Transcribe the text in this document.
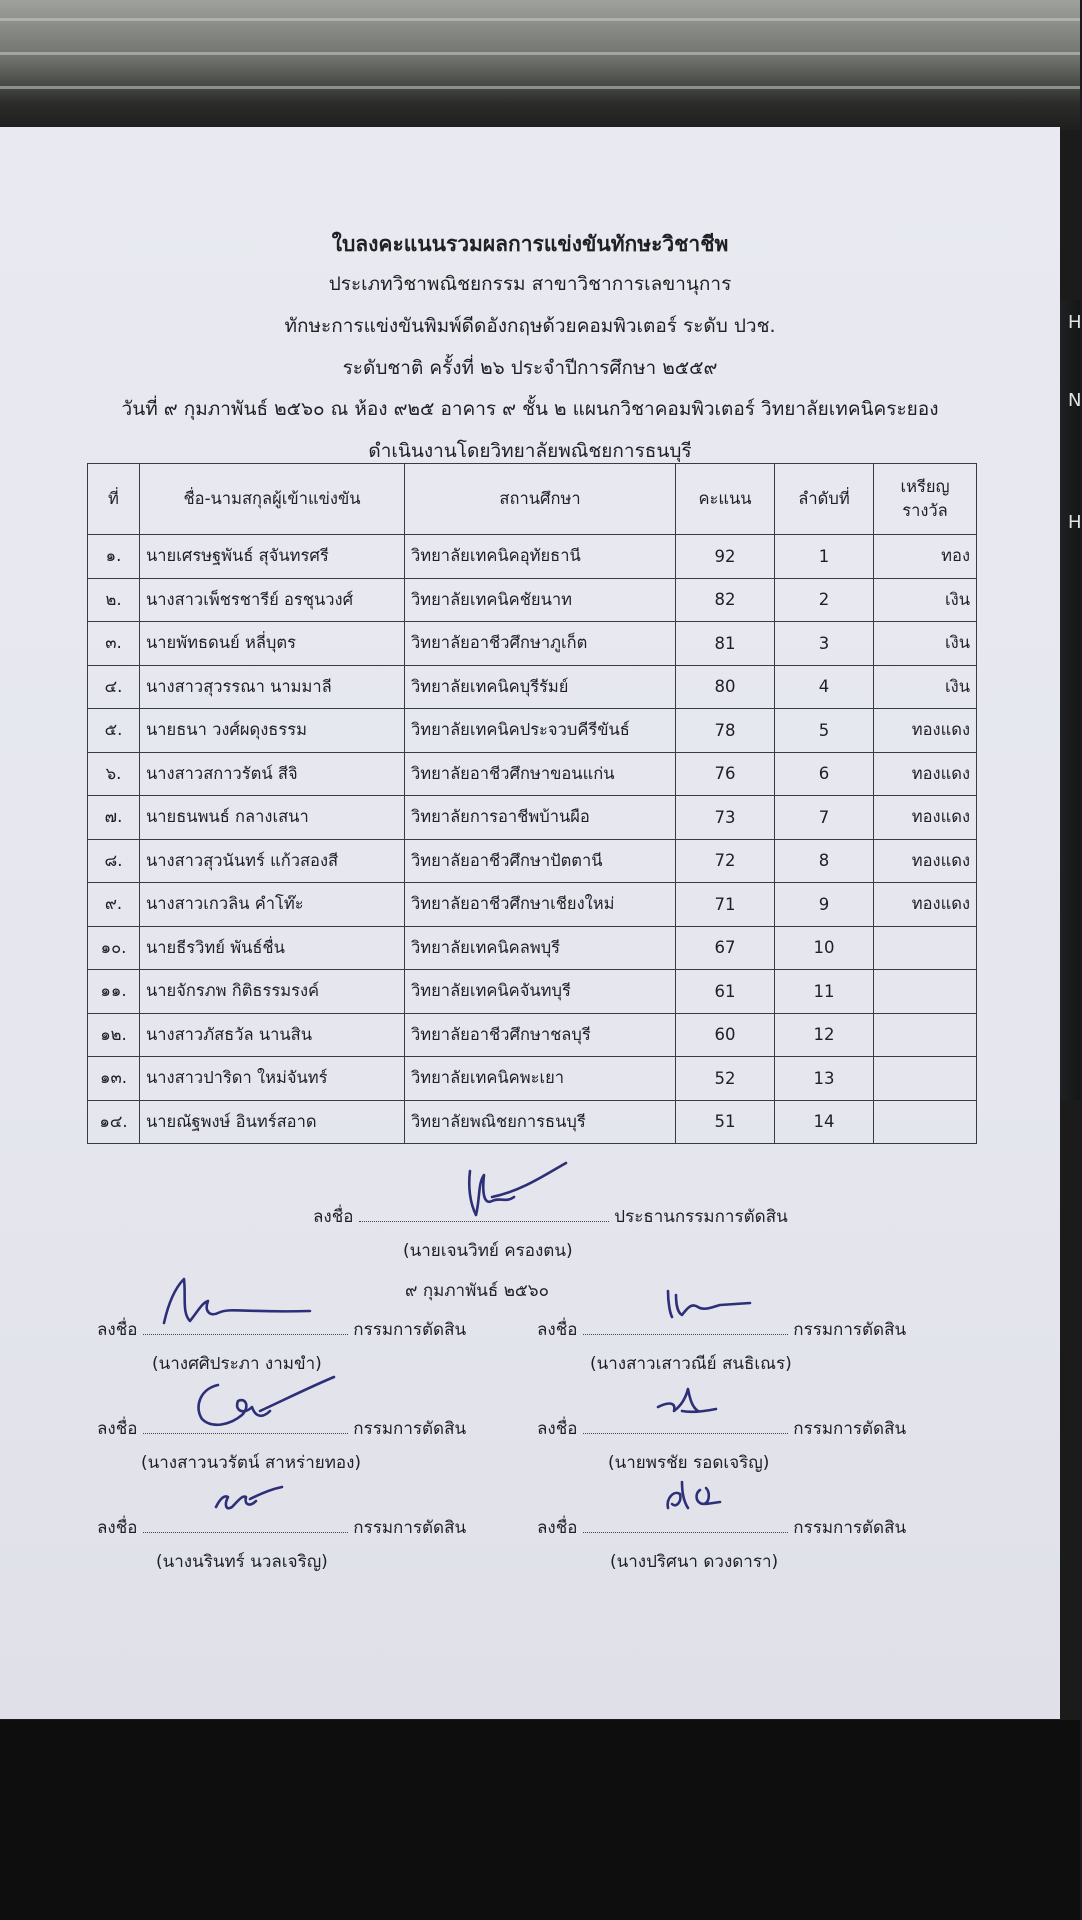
H
N
H
ใบลงคะแนนรวมผลการแข่งขันทักษะวิชาชีพ
ประเภทวิชาพณิชยกรรม สาขาวิชาการเลขานุการ
ทักษะการแข่งขันพิมพ์ดีดอังกฤษด้วยคอมพิวเตอร์ ระดับ ปวช.
ระดับชาติ ครั้งที่ ๒๖ ประจำปีการศึกษา ๒๕๕๙
วันที่ ๙ กุมภาพันธ์ ๒๕๖๐ ณ ห้อง ๙๒๕ อาคาร ๙ ชั้น ๒ แผนกวิชาคอมพิวเตอร์ วิทยาลัยเทคนิคระยอง
ดำเนินงานโดยวิทยาลัยพณิชยการธนบุรี
ที่	ชื่อ-นามสกุลผู้เข้าแข่งขัน	สถานศึกษา	คะแนน	ลำดับที่	เหรียญ
รางวัล
๑.	นายเศรษฐพันธ์ สุจันทรศรี	วิทยาลัยเทคนิคอุทัยธานี	92	1	ทอง
๒.	นางสาวเพ็ชรชารีย์ อรชุนวงศ์	วิทยาลัยเทคนิคชัยนาท	82	2	เงิน
๓.	นายพัทธดนย์ หลี่บุตร	วิทยาลัยอาชีวศึกษาภูเก็ต	81	3	เงิน
๔.	นางสาวสุวรรณา นามมาลี	วิทยาลัยเทคนิคบุรีรัมย์	80	4	เงิน
๕.	นายธนา วงศ์ผดุงธรรม	วิทยาลัยเทคนิคประจวบคีรีขันธ์	78	5	ทองแดง
๖.	นางสาวสกาวรัตน์ สีจิ	วิทยาลัยอาชีวศึกษาขอนแก่น	76	6	ทองแดง
๗.	นายธนพนธ์ กลางเสนา	วิทยาลัยการอาชีพบ้านผือ	73	7	ทองแดง
๘.	นางสาวสุวนันทร์ แก้วสองสี	วิทยาลัยอาชีวศึกษาปัตตานี	72	8	ทองแดง
๙.	นางสาวเกวลิน คำโท๊ะ	วิทยาลัยอาชีวศึกษาเชียงใหม่	71	9	ทองแดง
๑๐.	นายธีรวิทย์ พันธ์ชื่น	วิทยาลัยเทคนิคลพบุรี	67	10	
๑๑.	นายจักรภพ กิติธรรมรงค์	วิทยาลัยเทคนิคจันทบุรี	61	11	
๑๒.	นางสาวภัสธวัล นานสิน	วิทยาลัยอาชีวศึกษาชลบุรี	60	12	
๑๓.	นางสาวปาริดา ใหม่จันทร์	วิทยาลัยเทคนิคพะเยา	52	13	
๑๔.	นายณัฐพงษ์ อินทร์สอาด	วิทยาลัยพณิชยการธนบุรี	51	14	
ลงชื่อ	ประธานกรรมการตัดสิน
(นายเจนวิทย์ ครองตน)
๙ กุมภาพันธ์ ๒๕๖๐
ลงชื่อ	กรรมการตัดสิน
(นางศศิประภา งามขำ)
ลงชื่อ	กรรมการตัดสิน
(นางสาวเสาวณีย์ สนธิเณร)
ลงชื่อ	กรรมการตัดสิน
(นางสาวนวรัตน์ สาหร่ายทอง)
ลงชื่อ	กรรมการตัดสิน
(นายพรชัย รอดเจริญ)
ลงชื่อ	กรรมการตัดสิน
(นางนรินทร์ นวลเจริญ)
ลงชื่อ	กรรมการตัดสิน
(นางปริศนา ดวงดารา)
